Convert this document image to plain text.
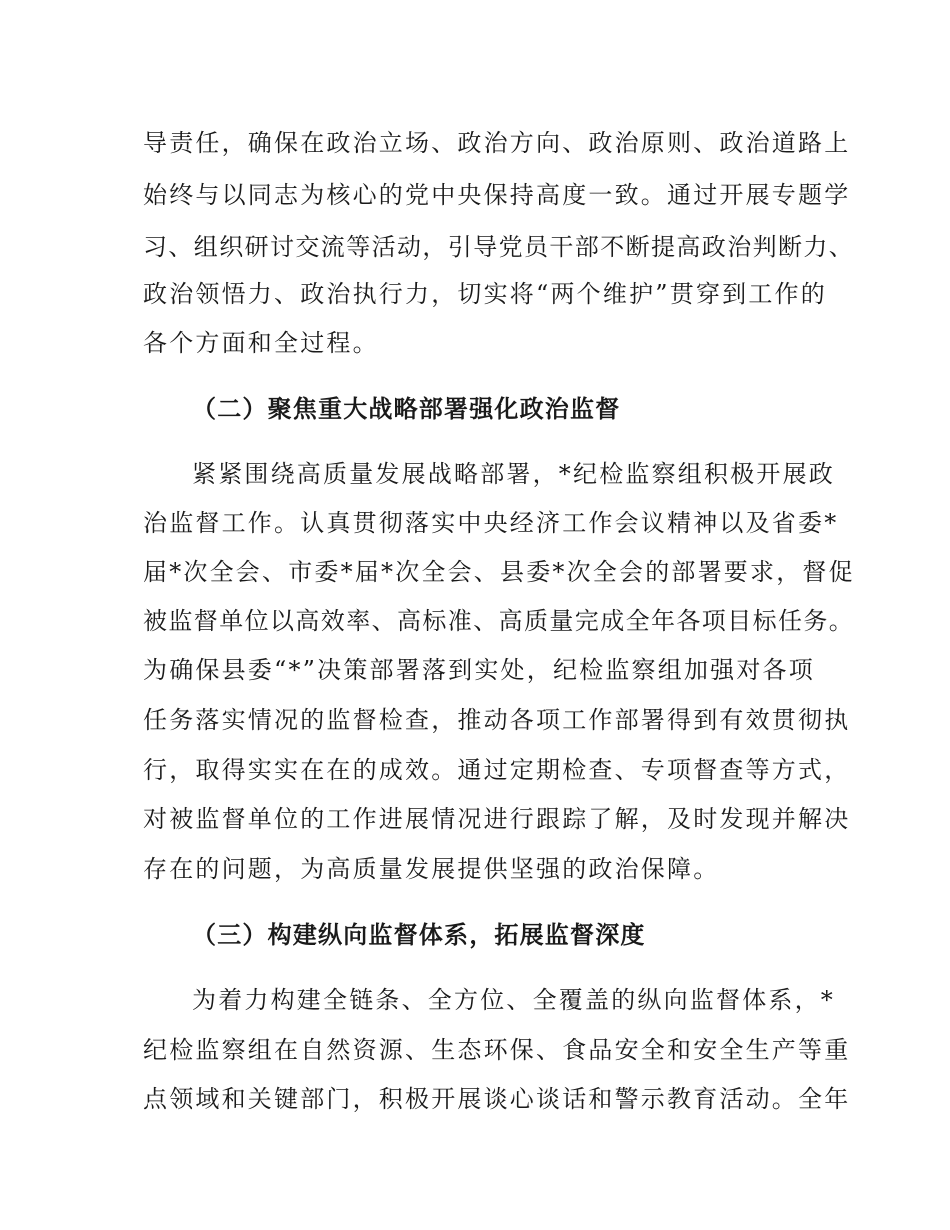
导责任，确保在政治立场、政治方向、政治原则、政治道路上
始终与以同志为核心的党中央保持高度一致。通过开展专题学
习、组织研讨交流等活动，引导党员干部不断提高政治判断力、
政治领悟力、政治执行力，切实将“两个维护”贯穿到工作的
各个方面和全过程。
（二）聚焦重大战略部署强化政治监督
紧紧围绕高质量发展战略部署，*纪检监察组积极开展政
治监督工作。认真贯彻落实中央经济工作会议精神以及省委*
届*次全会、市委*届*次全会、县委*次全会的部署要求，督促
被监督单位以高效率、高标准、高质量完成全年各项目标任务。
为确保县委“*”决策部署落到实处，纪检监察组加强对各项
任务落实情况的监督检查，推动各项工作部署得到有效贯彻执
行，取得实实在在的成效。通过定期检查、专项督查等方式，
对被监督单位的工作进展情况进行跟踪了解，及时发现并解决
存在的问题，为高质量发展提供坚强的政治保障。
（三）构建纵向监督体系，拓展监督深度
为着力构建全链条、全方位、全覆盖的纵向监督体系，*
纪检监察组在自然资源、生态环保、食品安全和安全生产等重
点领域和关键部门，积极开展谈心谈话和警示教育活动。全年
